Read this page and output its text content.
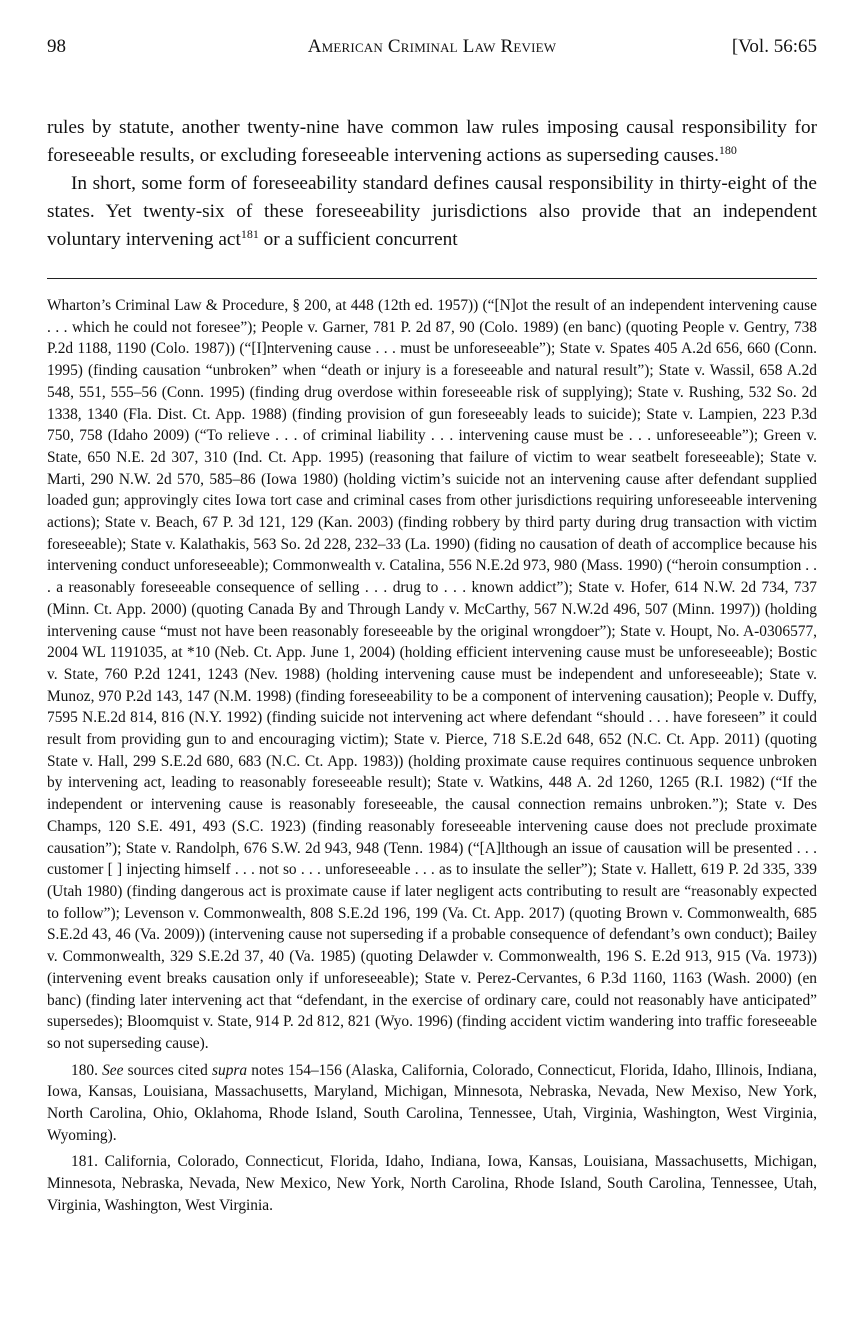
98	American Criminal Law Review	[Vol. 56:65

rules by statute, another twenty-nine have common law rules imposing causal responsibility for foreseeable results, or excluding foreseeable intervening actions as superseding causes.$^{180}$

In short, some form of foreseeability standard defines causal responsibility in thirty-eight of the states. Yet twenty-six of these foreseeability jurisdictions also provide that an independent voluntary intervening act$^{181}$ or a sufficient concurrent

Wharton’s Criminal Law & Procedure, § 200, at 448 (12th ed. 1957)) (“[N]ot the result of an independent intervening cause . . . which he could not foresee”); People v. Garner, 781 P. 2d 87, 90 (Colo. 1989) (en banc) (quoting People v. Gentry, 738 P.2d 1188, 1190 (Colo. 1987)) (“[I]ntervening cause . . . must be unforeseeable”); State v. Spates 405 A.2d 656, 660 (Conn. 1995) (finding causation “unbroken” when “death or injury is a foreseeable and natural result”); State v. Wassil, 658 A.2d 548, 551, 555–56 (Conn. 1995) (finding drug overdose within foreseeable risk of supplying); State v. Rushing, 532 So. 2d 1338, 1340 (Fla. Dist. Ct. App. 1988) (finding provision of gun foreseeably leads to suicide); State v. Lampien, 223 P.3d 750, 758 (Idaho 2009) (“To relieve . . . of criminal liability . . . intervening cause must be . . . unforeseeable”); Green v. State, 650 N.E. 2d 307, 310 (Ind. Ct. App. 1995) (reasoning that failure of victim to wear seatbelt foreseeable); State v. Marti, 290 N.W. 2d 570, 585–86 (Iowa 1980) (holding victim’s suicide not an intervening cause after defendant supplied loaded gun; approvingly cites Iowa tort case and criminal cases from other jurisdictions requiring unforeseeable intervening actions); State v. Beach, 67 P. 3d 121, 129 (Kan. 2003) (finding robbery by third party during drug transaction with victim foreseeable); State v. Kalathakis, 563 So. 2d 228, 232–33 (La. 1990) (fiding no causation of death of accomplice because his intervening conduct unforeseeable); Commonwealth v. Catalina, 556 N.E.2d 973, 980 (Mass. 1990) (“heroin consumption . . . a reasonably foreseeable consequence of selling . . . drug to . . . known addict”); State v. Hofer, 614 N.W. 2d 734, 737 (Minn. Ct. App. 2000) (quoting Canada By and Through Landy v. McCarthy, 567 N.W.2d 496, 507 (Minn. 1997)) (holding intervening cause “must not have been reasonably foreseeable by the original wrongdoer”); State v. Houpt, No. A-0306577, 2004 WL 1191035, at *10 (Neb. Ct. App. June 1, 2004) (holding efficient intervening cause must be unforeseeable); Bostic v. State, 760 P.2d 1241, 1243 (Nev. 1988) (holding intervening cause must be independent and unforeseeable); State v. Munoz, 970 P.2d 143, 147 (N.M. 1998) (finding foreseeability to be a component of intervening causation); People v. Duffy, 7595 N.E.2d 814, 816 (N.Y. 1992) (finding suicide not intervening act where defendant “should . . . have foreseen” it could result from providing gun to and encouraging victim); State v. Pierce, 718 S.E.2d 648, 652 (N.C. Ct. App. 2011) (quoting State v. Hall, 299 S.E.2d 680, 683 (N.C. Ct. App. 1983)) (holding proximate cause requires continuous sequence unbroken by intervening act, leading to reasonably foreseeable result); State v. Watkins, 448 A. 2d 1260, 1265 (R.I. 1982) (“If the independent or intervening cause is reasonably foreseeable, the causal connection remains unbroken.”); State v. Des Champs, 120 S.E. 491, 493 (S.C. 1923) (finding reasonably foreseeable intervening cause does not preclude proximate causation”); State v. Randolph, 676 S.W. 2d 943, 948 (Tenn. 1984) (“[A]lthough an issue of causation will be presented . . . customer [ ] injecting himself . . . not so . . . unforeseeable . . . as to insulate the seller”); State v. Hallett, 619 P. 2d 335, 339 (Utah 1980) (finding dangerous act is proximate cause if later negligent acts contributing to result are “reasonably expected to follow”); Levenson v. Commonwealth, 808 S.E.2d 196, 199 (Va. Ct. App. 2017) (quoting Brown v. Commonwealth, 685 S.E.2d 43, 46 (Va. 2009)) (intervening cause not superseding if a probable consequence of defendant’s own conduct); Bailey v. Commonwealth, 329 S.E.2d 37, 40 (Va. 1985) (quoting Delawder v. Commonwealth, 196 S. E.2d 913, 915 (Va. 1973)) (intervening event breaks causation only if unforeseeable); State v. Perez-Cervantes, 6 P.3d 1160, 1163 (Wash. 2000) (en banc) (finding later intervening act that “defendant, in the exercise of ordinary care, could not reasonably have anticipated” supersedes); Bloomquist v. State, 914 P. 2d 812, 821 (Wyo. 1996) (finding accident victim wandering into traffic foreseeable so not superseding cause).

180. See sources cited supra notes 154–156 (Alaska, California, Colorado, Connecticut, Florida, Idaho, Illinois, Indiana, Iowa, Kansas, Louisiana, Massachusetts, Maryland, Michigan, Minnesota, Nebraska, Nevada, New Mexiso, New York, North Carolina, Ohio, Oklahoma, Rhode Island, South Carolina, Tennessee, Utah, Virginia, Washington, West Virginia, Wyoming).

181. California, Colorado, Connecticut, Florida, Idaho, Indiana, Iowa, Kansas, Louisiana, Massachusetts, Michigan, Minnesota, Nebraska, Nevada, New Mexico, New York, North Carolina, Rhode Island, South Carolina, Tennessee, Utah, Virginia, Washington, West Virginia.
